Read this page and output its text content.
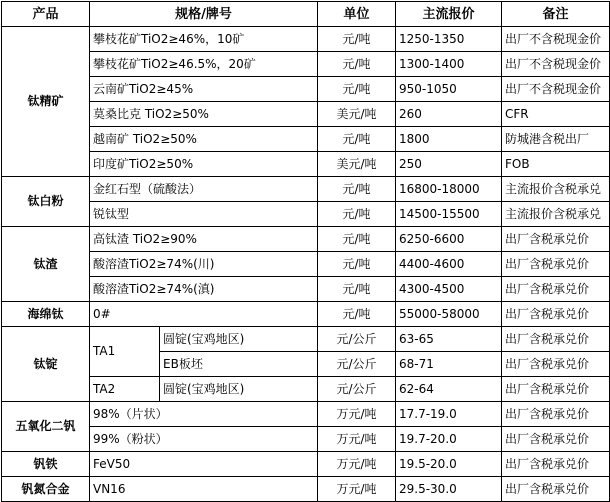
产品	规格/牌号		单位	主流报价	备注
钛精矿	攀枝花矿TiO2≥46%，10矿		元/吨	1250-1350	出厂不含税现金价
	攀枝花矿TiO2≥46.5%，20矿		元/吨	1300-1400	出厂不含税现金价
	云南矿TiO2≥45%		元/吨	950-1050	出厂不含税现金价
	莫桑比克 TiO2≥50%		美元/吨	260	CFR
	越南矿 TiO2≥50%		元/吨	1800	防城港含税出厂
	印度矿TiO2≥50%		美元/吨	250	FOB
钛白粉	金红石型（硫酸法）		元/吨	16800-18000	主流报价含税承兑
	锐钛型		元/吨	14500-15500	主流报价含税承兑
钛渣	高钛渣 TiO2≥90%		元/吨	6250-6600	出厂含税承兑价
	酸溶渣TiO2≥74%(川)		元/吨	4400-4600	出厂含税承兑价
	酸溶渣TiO2≥74%(滇)		元/吨	4300-4500	出厂含税承兑价
海绵钛	0#		元/吨	55000-58000	出厂含税承兑价
钛锭	TA1	圆锭(宝鸡地区)	元/公斤	63-65	出厂含税承兑价
		EB板坯	元/公斤	68-71	出厂含税承兑价
	TA2	圆锭(宝鸡地区)	元/公斤	62-64	出厂含税承兑价
五氧化二钒	98%（片状）		万元/吨	17.7-19.0	出厂含税承兑价
	99%（粉状）		万元/吨	19.7-20.0	出厂含税承兑价
钒铁	FeV50		万元/吨	19.5-20.0	出厂含税承兑价
钒氮合金	VN16		万元/吨	29.5-30.0	出厂含税承兑价
